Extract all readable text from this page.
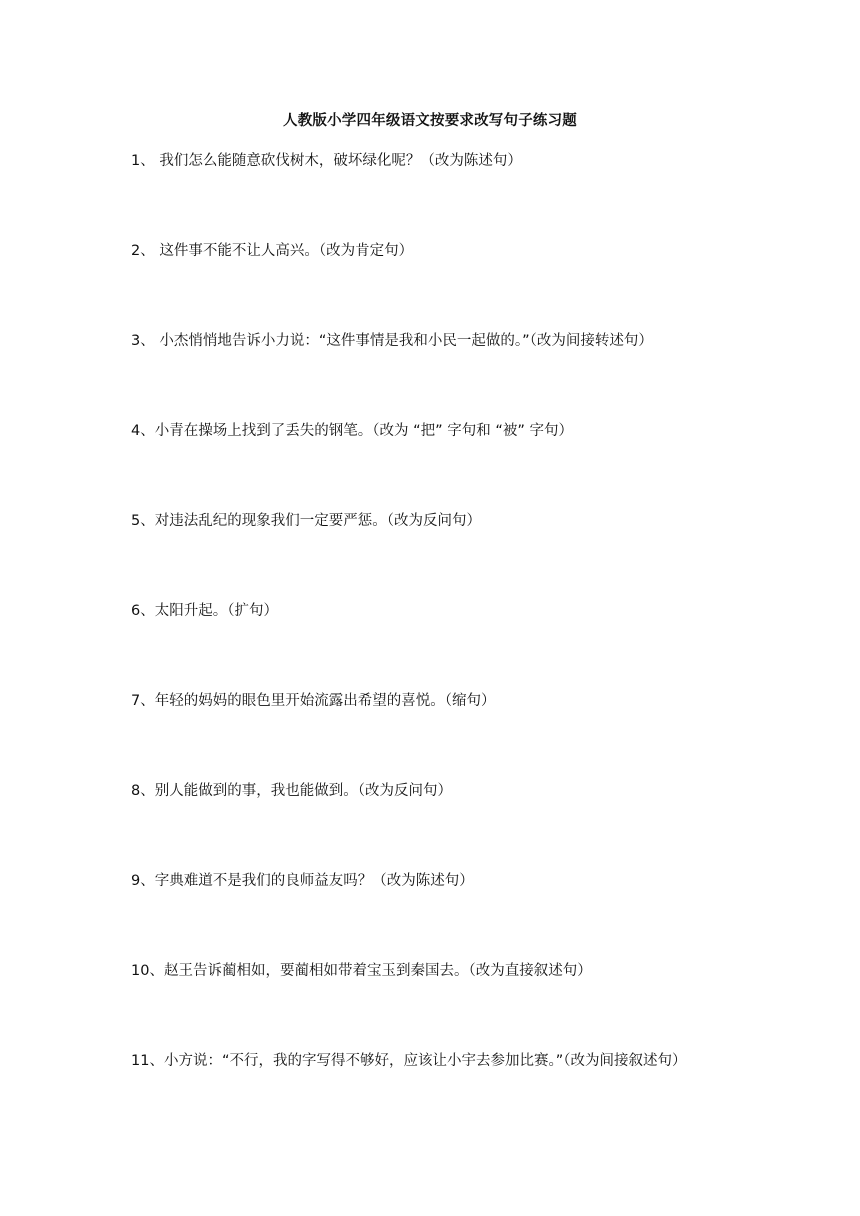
人教版小学四年级语文按要求改写句子练习题
1、 我们怎么能随意砍伐树木，破坏绿化呢？（改为陈述句）
2、 这件事不能不让人高兴。（改为肯定句）
3、 小杰悄悄地告诉小力说：“这件事情是我和小民一起做的。”（改为间接转述句）
4、小青在操场上找到了丢失的钢笔。（改为 “把” 字句和 “被” 字句）
5、对违法乱纪的现象我们一定要严惩。（改为反问句）
6、太阳升起。（扩句）
7、年轻的妈妈的眼色里开始流露出希望的喜悦。（缩句）
8、别人能做到的事，我也能做到。（改为反问句）
9、字典难道不是我们的良师益友吗？（改为陈述句）
10、赵王告诉蔺相如，要蔺相如带着宝玉到秦国去。（改为直接叙述句）
11、小方说：“不行，我的字写得不够好，应该让小宇去参加比赛。”（改为间接叙述句）
